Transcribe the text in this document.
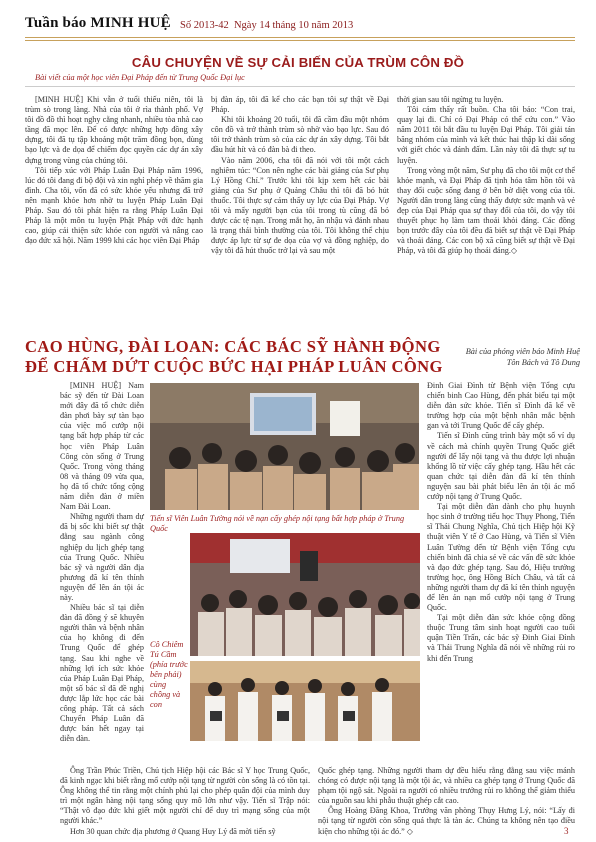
Tuần báo MINH HUỆ Số 2013-42 Ngày 14 tháng 10 năm 2013
CÂU CHUYỆN VỀ SỰ CẢI BIẾN CỦA TRÙM CÔN ĐỒ
Bài viết của một học viên Đại Pháp đến từ Trung Quốc Đại lục

[MINH HUỆ] Khi vẫn ở tuổi thiếu niên, tôi là trùm sò trong làng. Nhà của tôi ở rìa thành phố. Vợ tôi đồ đồ thì hoạt nghy cằng nhanh, nhiều tòa nhà cao tầng đã mọc lên. Để có được những hợp đồng xây dựng, tôi đã tụ tập khoảng một trăm đồng bọn, dùng bạo lực và đe dọa để chiếm đọc quyền các dự án xây dựng trong vùng của chúng tôi.

Tôi tiếp xúc với Pháp Luân Đại Pháp năm 1996, lúc đó tôi đang đi bộ đội và xin nghỉ phép về thăm gia đình. Cha tôi, vốn đã có sức khỏe yếu nhưng đã trở nên mạnh khỏe hơn nhờ tu luyện Pháp Luân Đại Pháp. Sau đó tôi phát hiện ra rằng Pháp Luân Đại Pháp là một môn tu luyện Phật Pháp với đức hạnh cao, giúp cải thiện sức khỏe con người và nâng cao đạo đức xã hội. Năm 1999 khi các học viên Đại Pháp

bị đàn áp, tôi đã kể cho các bạn tôi sự thật về Đại Pháp.

Khi tôi khoảng 20 tuổi, tôi đã cầm đầu một nhóm côn đồ và trở thành trùm sò nhờ vào bạo lực. Sau đó tôi trở thành trùm sò của các dự án xây dựng. Tôi bắt đầu hút hít và có đàn bà đi theo.

Vào năm 2006, cha tôi đã nói với tôi một cách nghiêm túc: “Con nên nghe các bài giảng của Sư phụ Lý Hồng Chí.” Trước khi tôi kịp xem hết các bài giảng của Sư phụ ở Quảng Châu thì tôi đã bỏ hút thuốc. Tôi thực sự cảm thấy uy lực của Đại Pháp. Vợ tôi và mấy người bạn của tôi trong tù cũng đã bỏ được các tệ nạn. Trong mắt họ, ăn nhậu và đánh nhau là trạng thái bình thường của tôi. Tôi không thể chịu được áp lực từ sự đe dọa của vợ và đồng nghiệp, do vậy tôi đã hút thuốc trở lại và sau một

thời gian sau tôi ngừng tu luyện.

Tôi cảm thấy rất buồn. Cha tôi bảo: “Con trai, quay lại đi. Chỉ có Đại Pháp có thể cứu con.” Vào năm 2011 tôi bắt đầu tu luyện Đại Pháp. Tôi giải tán băng nhóm của mình và kết thúc hai thập kỉ dài sống với giết chóc và đánh đấm. Lần này tôi đã thực sự tu luyện.

Trong vòng một năm, Sư phụ đã cho tôi một cơ thể khỏe mạnh, và Đại Pháp đã tịnh hóa tâm hồn tôi và thay đổi cuộc sống đang ở bên bờ diệt vong của tôi. Người dân trong làng cũng thấy được sức mạnh và vẻ đẹp của Đại Pháp qua sự thay đổi của tôi, do vậy tôi thuyết phục họ làm tam thoái khỏi đảng. Các đồng bọn trước đây của tôi đều đã biết sự thật về Đại Pháp và thoái đảng. Các con bộ xã cũng biết sự thật về Đại Pháp, và tôi đã giúp họ thoái đảng.◇

CAO HÙNG, ĐÀI LOAN: CÁC BÁC SỸ HÀNH ĐỘNG
ĐỂ CHẤM DỨT CUỘC BỨC HẠI PHÁP LUÂN CÔNG
Bài của phóng viên báo Minh Huệ
Tôn Bách và Tô Dung

[MINH HUỆ] Nam bác sỹ đến từ Đài Loan mới đây đã tổ chức diễn đàn phơi bày sự tàn bạo của việc mổ cướp nội tạng bất hợp pháp từ các học viên Pháp Luân Công còn sống ở Trung Quốc. Trong vòng tháng 08 và tháng 09 vừa qua, họ đã tổ chức tổng cộng năm diễn đàn ở miền Nam Đài Loan.

Những người tham dự đã bị sốc khi biết sự thật đằng sau ngành công nghiệp du lịch ghép tạng của Trung Quốc. Nhiều bác sỹ và người dân địa phương đã kí tên thỉnh nguyện để lên án tội ác này.

Nhiều bác sĩ tại diễn đàn đã đồng ý sẽ khuyên người thân và bệnh nhân của họ không đi đến Trung Quốc để ghép tạng. Sau khi nghe về những lợi ích sức khỏe của Pháp Luân Đại Pháp, một số bác sĩ đã đề nghị được lắp lức học các bài công pháp. Tất cả sách Chuyển Pháp Luân đã được bán hết ngay tại diễn đàn.

Tiến sĩ Viên Luân Tường nói về nạn cấy ghép nội tạng bất hợp pháp ở Trung Quốc
Cô Chiêm Tú Cầm (phía trước bên phải) cùng chồng và con

Đinh Giai Đình từ Bệnh viện Tổng cựu chiến binh Cao Hùng, đến phát biểu tại một diễn đàn sức khỏe. Tiến sĩ Đình đã kể về trường hợp của một bệnh nhân mắc bệnh gan và tới Trung Quốc để cấy ghép.

Tiến sĩ Đình cũng trình bày một số ví dụ về cách mà chính quyền Trung Quốc giết người để lấy nội tạng và thu được lợi nhuận khổng lồ từ việc cấy ghép tạng. Hầu hết các quan chức tại diễn đàn đã kí tên thỉnh nguyện sau bài phát biểu lên án tội ác mổ cướp nội tạng ở Trung Quốc.

Tại một diễn đàn dành cho phụ huynh học sinh ở trường tiểu học Thụy Phong, Tiến sĩ Thái Chung Nghĩa, Chủ tịch Hiệp hội Kỹ thuật viên Y tế ở Cao Hùng, và Tiến sĩ Viên Luân Tường đến từ Bệnh viện Tổng cựu chiến binh đã chia sẻ về các vấn đề sức khỏe và đạo đức ghép tạng. Sau đó, Hiệu trưởng trường học, ông Hồng Bích Châu, và tất cả những người tham dự đã kí tên thỉnh nguyện để lên án nạn mổ cướp nội tạng ở Trung Quốc.

Tại một diễn đàn sức khỏe cộng đồng thuộc Trung tâm sinh hoạt người cao tuổi quận Tiền Trấn, các bác sỹ Đinh Giai Đình và Thái Trung Nghĩa đã nói về những rủi ro khi đến Trung

Ông Trần Phúc Triền, Chủ tịch Hiệp hội các Bác sĩ Y học Trung Quốc, đã kinh ngạc khi biết rằng mổ cướp nội tạng từ người còn sống là có tồn tại. Ông không thể tin rằng một chính phủ lại cho phép quân đội của mình duy trì một ngân hàng nội tạng sống quy mô lớn như vậy. Tiến sĩ Trập nói: “Thật vô đạo đức khi giết một người chỉ để duy trì mạng sống của một người khác.”

Hơn 30 quan chức địa phương ở Quang Huy Lý đã mời tiến sỹ

Quốc ghép tạng. Những người tham dự đều hiểu rằng đằng sau việc mánh chóng có được nội tạng là một tội ác, và nhiều ca ghép tạng ở Trung Quốc đã phạm tội ngộ sát. Ngoài ra người có nhiều trưởng rủi ro không thể giảm thiểu của nguồn sau khi phẫu thuật ghép cắt cao.

Ông Hoàng Đăng Khoa, Trưởng văn phòng Thụy Hưng Lý, nói: “Lấy đi nội tạng từ người còn sống quá thực là tàn ác. Chúng ta không nên tạo điều kiện cho những tội ác đó.” ◇	3
